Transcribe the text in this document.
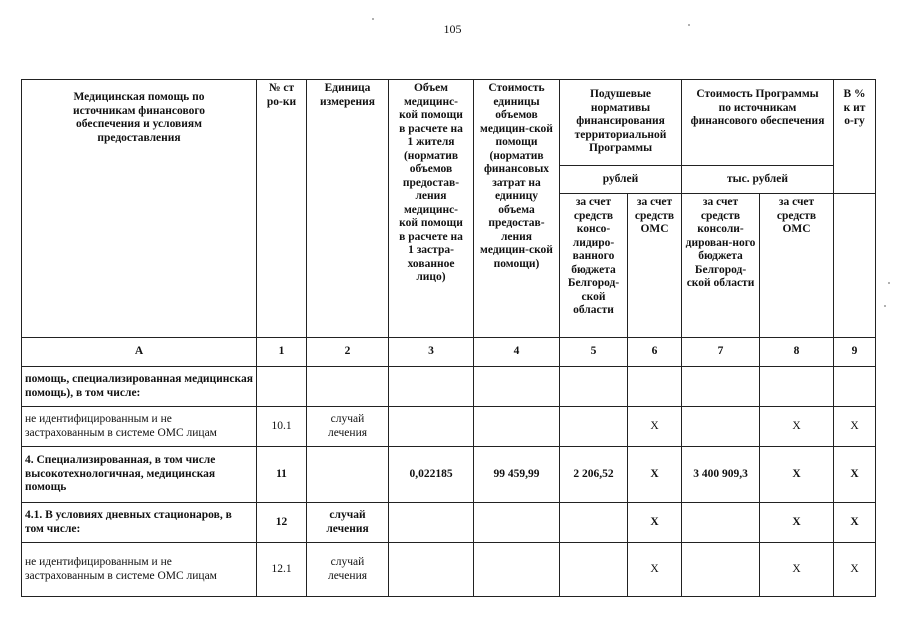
105
Медицинская помощь по источникам финансового обеспечения и условиям предоставления	№ стро-ки	Единица измерения	Объем медицинс-кой помощи в расчете на 1 жителя (норматив объемов предостав-ления медицинс-кой помощи в расчете на 1 застра-хованное лицо)	Стоимость единицы объемов медицин-ской помощи (норматив финансовых затрат на единицу объема предостав-ления медицин-ской помощи)	Подушевые нормативы финансирования территориальной Программы		Стоимость Программы по источникам финансового обеспечения		В % к ито-гу

					рублей		тыс. рублей		

					за счет средств консо-лидиро-ванного бюджета Белгород-ской области	за счет средств ОМС	за счет средств консоли-дирован-ного бюджета Белгород-ской области	за счет средств ОМС	

А	1	2	3	4	5	6	7	8	9
помощь, специализированная медицинская помощь), в том числе:									
не идентифицированным и не застрахованным в системе ОМС лицам	10.1	случай лечения				X		X	X
4. Специализированная, в том числе высокотехнологичная, медицинская помощь	11		0,022185	99 459,99	2 206,52	X	3 400 909,3	X	X
4.1. В условиях дневных стационаров, в том числе:	12	случай лечения				X		X	X
не идентифицированным и не застрахованным в системе ОМС лицам	12.1	случай лечения				X		X	X
